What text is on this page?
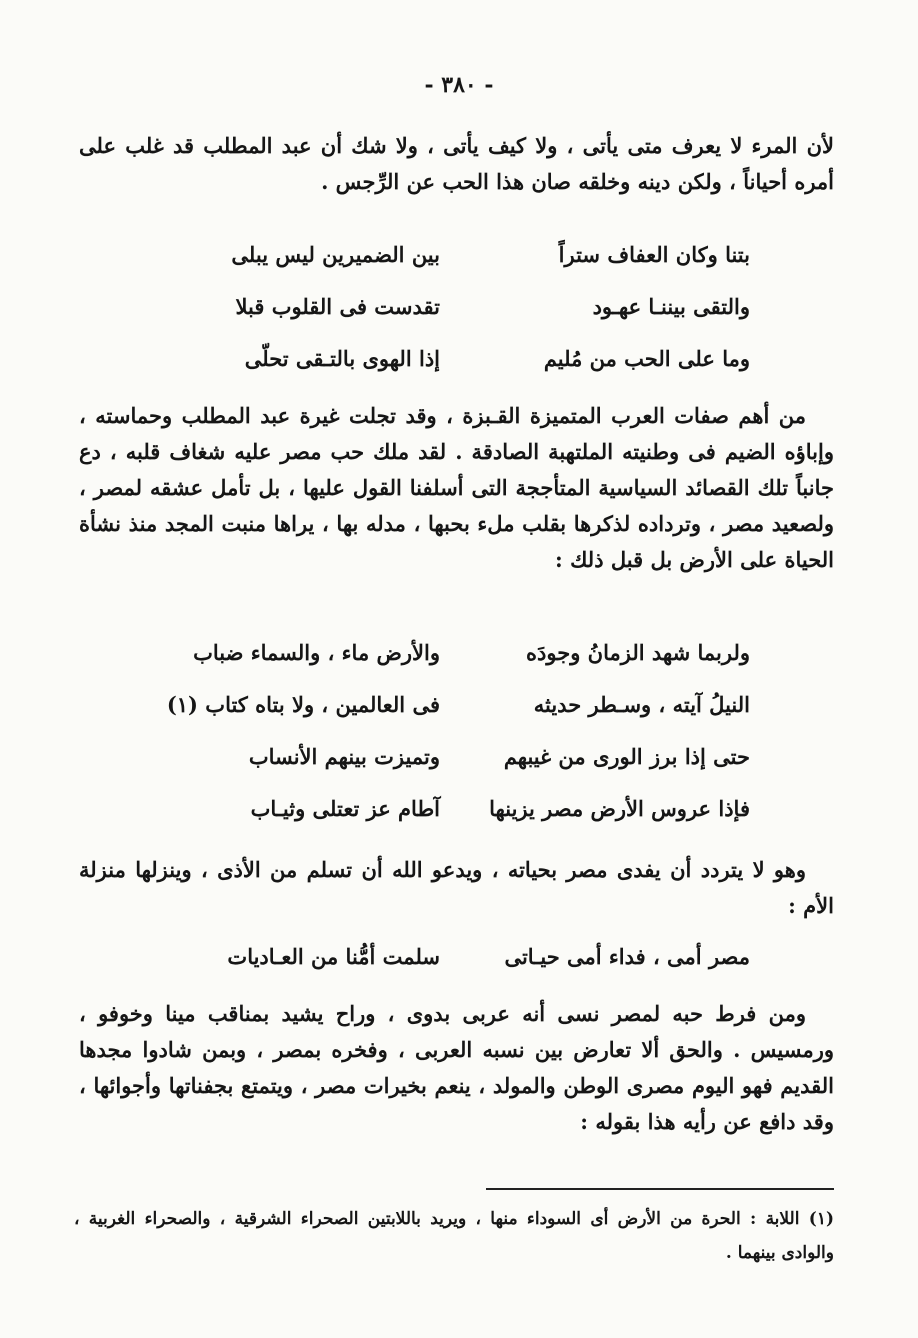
- ٣٨٠ -

لأن المرء لا يعرف متى يأتى ، ولا كيف يأتى ، ولا شك أن عبد المطلب قد غلب على أمره أحياناً ، ولكن دينه وخلقه صان هذا الحب عن الرِّجس .

بتنا وكان العفاف ستراً
بين الضميرين ليس يبلى
والتقى بيننـا عهـود
تقدست فى القلوب قبلا
وما على الحب من مُليم
إذا الهوى بالتـقى تحلّى

من أهم صفات العرب المتميزة القـبزة ، وقد تجلت غيرة عبد المطلب وحماسته ، وإباؤه الضيم فى وطنيته الملتهبة الصادقة . لقد ملك حب مصر عليه شغاف قلبه ، دع جانباً تلك القصائد السياسية المتأججة التى أسلفنا القول عليها ، بل تأمل عشقه لمصر ، ولصعيد مصر ، وترداده لذكرها بقلب ملء بحبها ، مدله بها ، يراها منبت المجد منذ نشأة الحياة على الأرض بل قبل ذلك :

ولربما شهد الزمانُ وجودَه
والأرض ماء ، والسماء ضباب
النيلُ آيته ، وسـطر حديثه
فى العالمين ، ولا بتاه كتاب (١)
حتى إذا برز الورى من غيبهم
وتميزت بينهم الأنساب
فإذا عروس الأرض مصر يزينها
آطام عز تعتلى وثيـاب

وهو لا يتردد أن يفدى مصر بحياته ، ويدعو الله أن تسلم من الأذى ، وينزلها منزلة الأم :

مصر أمى ، فداء أمى حيـاتى
سلمت أمُّنا من العـاديات

ومن فرط حبه لمصر نسى أنه عربى بدوى ، وراح يشيد بمناقب مينا وخوفو ، ورمسيس . والحق ألا تعارض بين نسبه العربى ، وفخره بمصر ، وبمن شادوا مجدها القديم فهو اليوم مصرى الوطن والمولد ، ينعم بخيرات مصر ، ويتمتع بجفناتها وأجوائها ، وقد دافع عن رأيه هذا بقوله :

(١) اللابة : الحرة من الأرض أى السوداء منها ، ويريد باللابتين الصحراء الشرقية ، والصحراء الغربية ، والوادى بينهما .
